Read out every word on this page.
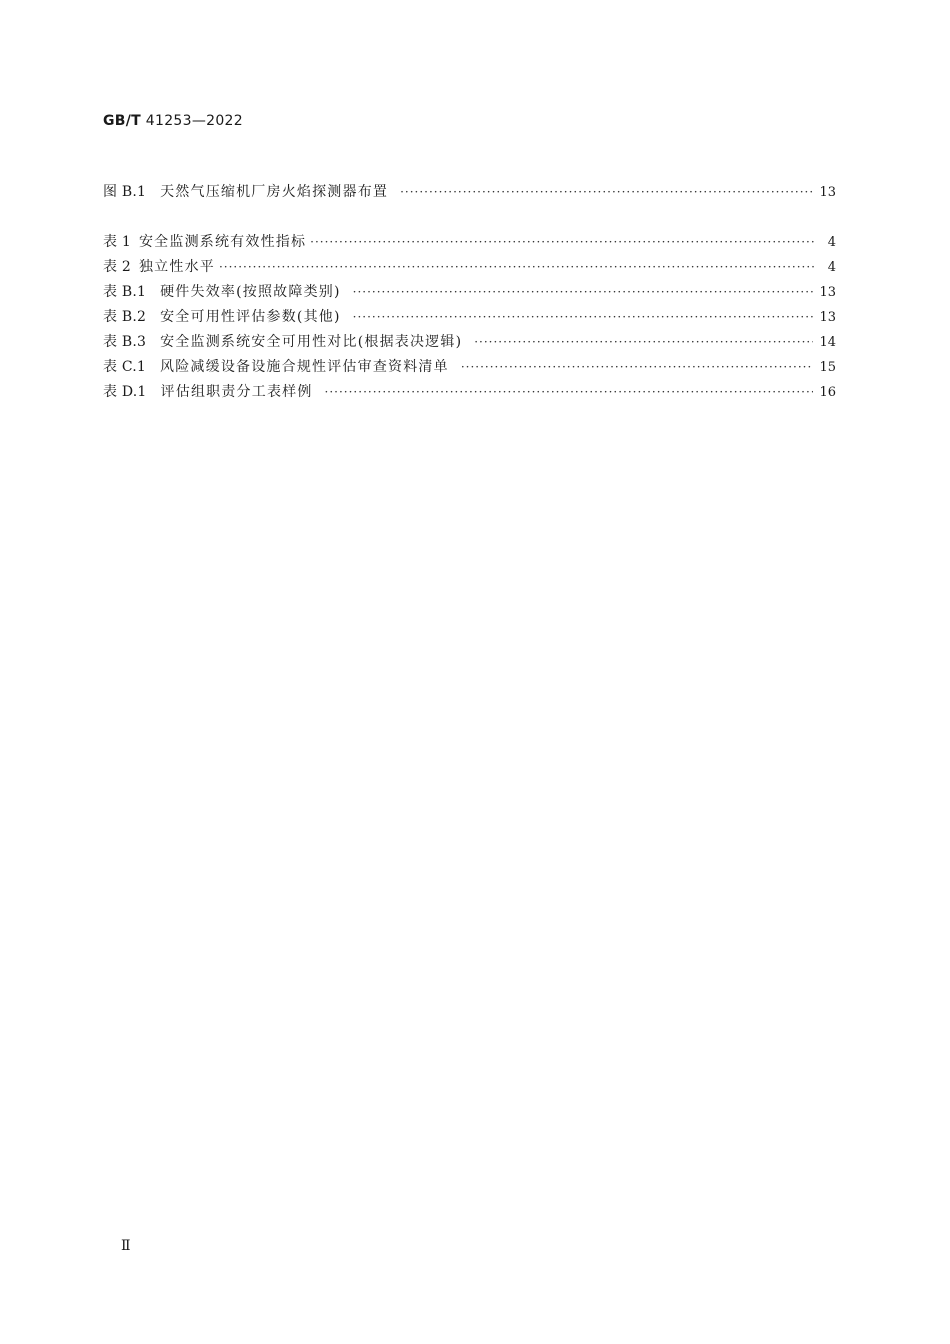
GB/T 41253—2022
图 B.1	天然气压缩机厂房火焰探测器布置 ·····	13
表 1 安全监测系统有效性指标 ·····	4
表 2 独立性水平 ·····	4
表 B.1	硬件失效率(按照故障类别) ·····	13
表 B.2	安全可用性评估参数(其他) ·····	13
表 B.3	安全监测系统安全可用性对比(根据表决逻辑) ·····	14
表 C.1	风险减缓设备设施合规性评估审查资料清单 ·····	15
表 D.1	评估组职责分工表样例 ·····	16
Ⅱ
